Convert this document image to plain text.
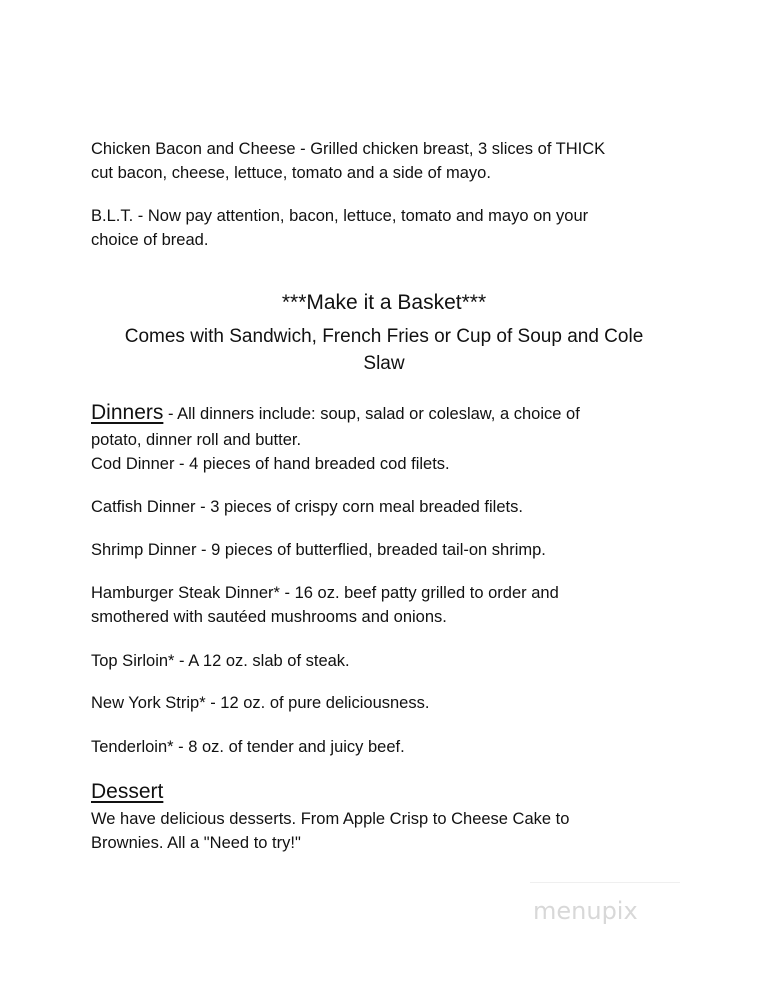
Chicken Bacon and Cheese - Grilled chicken breast, 3 slices of THICK
cut bacon, cheese, lettuce, tomato and a side of mayo.

B.L.T. - Now pay attention, bacon, lettuce, tomato and mayo on your
choice of bread.

***Make it a Basket***

Comes with Sandwich, French Fries or Cup of Soup and Cole
Slaw

Dinners - All dinners include: soup, salad or coleslaw, a choice of

potato, dinner roll and butter.
Cod Dinner - 4 pieces of hand breaded cod filets.

Catfish Dinner - 3 pieces of crispy corn meal breaded filets.

Shrimp Dinner - 9 pieces of butterflied, breaded tail-on shrimp.

Hamburger Steak Dinner* - 16 oz. beef patty grilled to order and
smothered with sautéed mushrooms and onions.

Top Sirloin* - A 12 oz. slab of steak.

New York Strip* - 12 oz. of pure deliciousness.

Tenderloin* - 8 oz. of tender and juicy beef.

Dessert

We have delicious desserts. From Apple Crisp to Cheese Cake to
Brownies. All a "Need to try!"

menupix
